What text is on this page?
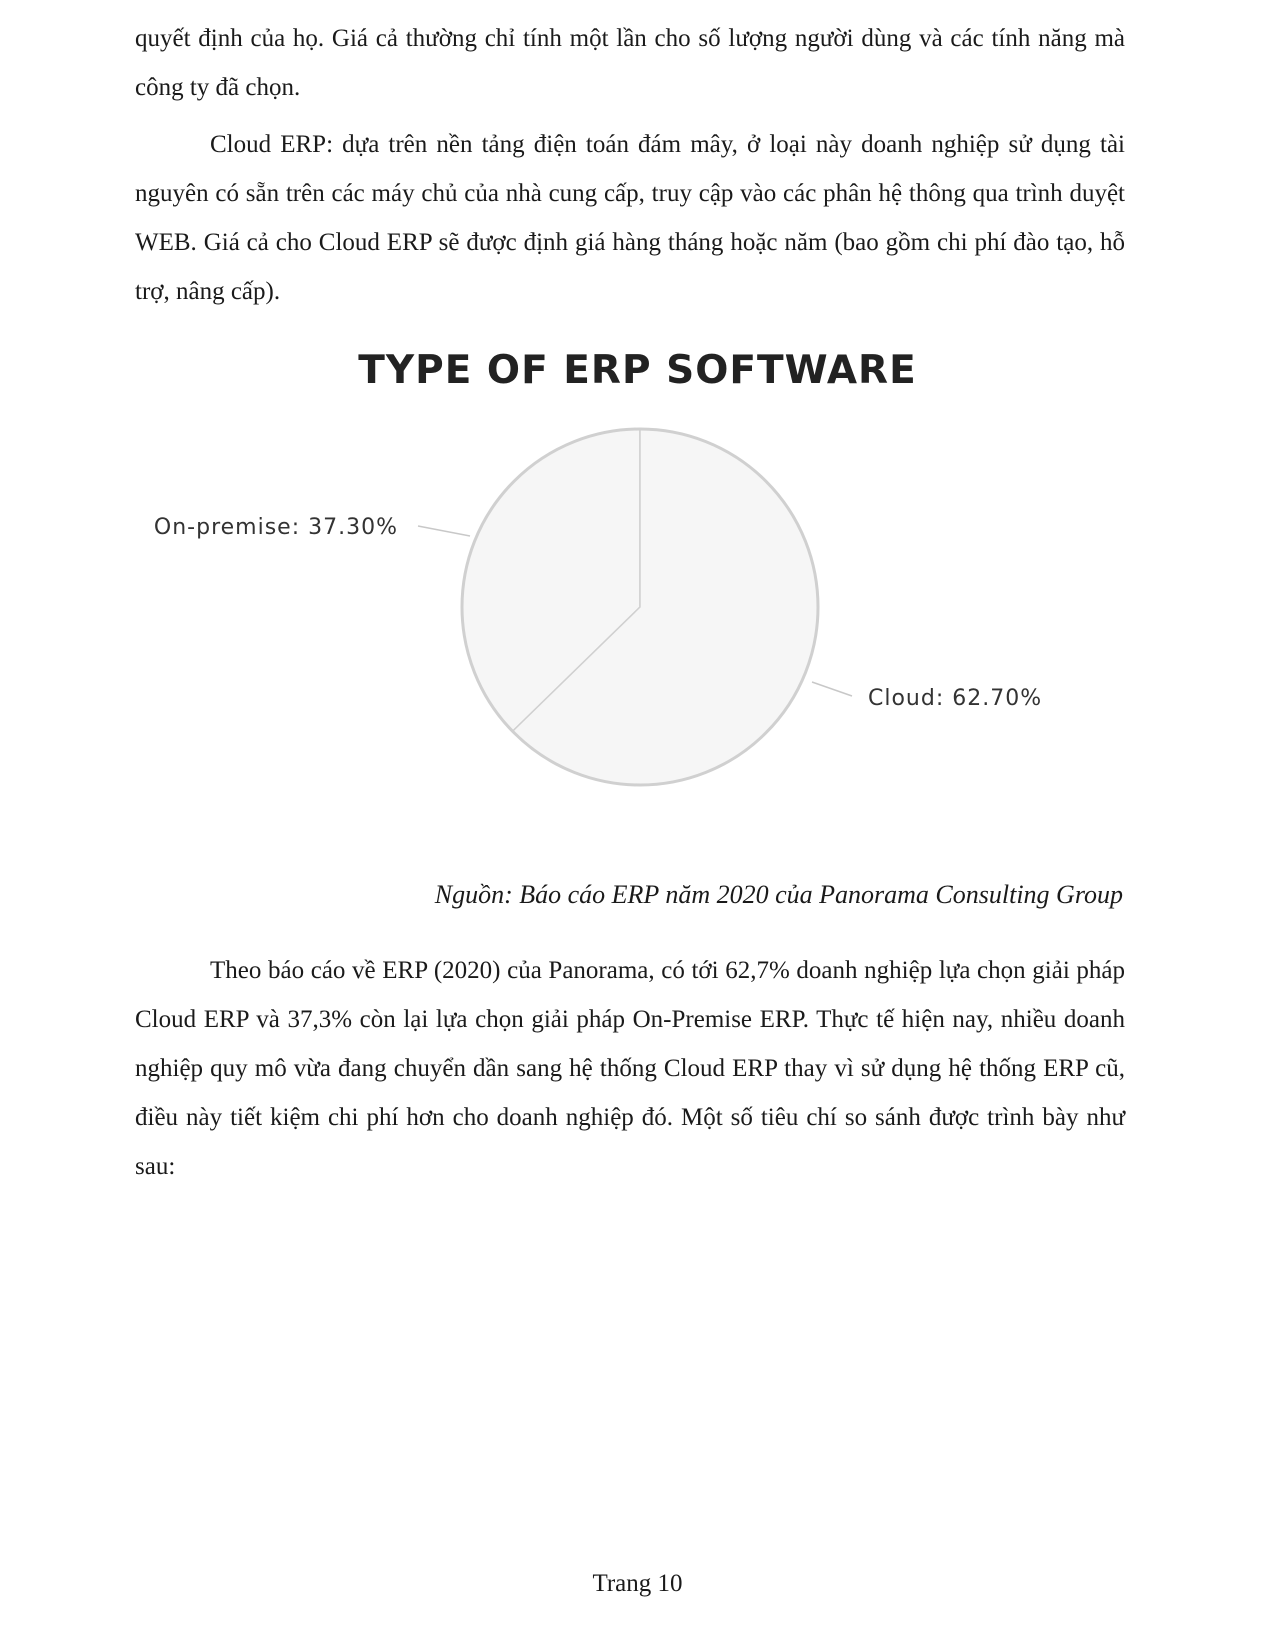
quyết định của họ. Giá cả thường chỉ tính một lần cho số lượng người dùng và các tính năng mà công ty đã chọn.

Cloud ERP: dựa trên nền tảng điện toán đám mây, ở loại này doanh nghiệp sử dụng tài nguyên có sẵn trên các máy chủ của nhà cung cấp, truy cập vào các phân hệ thông qua trình duyệt WEB. Giá cả cho Cloud ERP sẽ được định giá hàng tháng hoặc năm (bao gồm chi phí đào tạo, hỗ trợ, nâng cấp).

TYPE OF ERP SOFTWARE
On-premise: 37.30%
Cloud: 62.70%

Nguồn: Báo cáo ERP năm 2020 của Panorama Consulting Group

Theo báo cáo về ERP (2020) của Panorama, có tới 62,7% doanh nghiệp lựa chọn giải pháp Cloud ERP và 37,3% còn lại lựa chọn giải pháp On-Premise ERP. Thực tế hiện nay, nhiều doanh nghiệp quy mô vừa đang chuyển dần sang hệ thống Cloud ERP thay vì sử dụng hệ thống ERP cũ, điều này tiết kiệm chi phí hơn cho doanh nghiệp đó. Một số tiêu chí so sánh được trình bày như sau:

Trang 10
